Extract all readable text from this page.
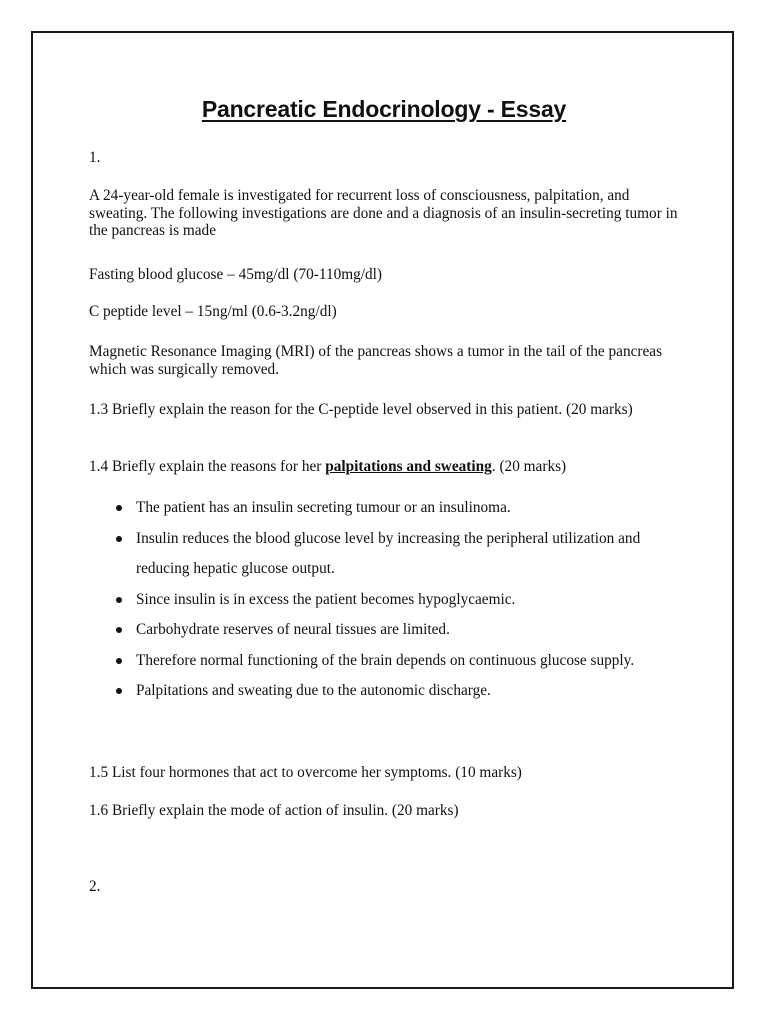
Pancreatic Endocrinology - Essay

1.

A 24-year-old female is investigated for recurrent loss of consciousness, palpitation, and sweating. The following investigations are done and a diagnosis of an insulin-secreting tumor in the pancreas is made

Fasting blood glucose – 45mg/dl (70-110mg/dl)

C peptide level – 15ng/ml (0.6-3.2ng/dl)

Magnetic Resonance Imaging (MRI) of the pancreas shows a tumor in the tail of the pancreas which was surgically removed.

1.3 Briefly explain the reason for the C-peptide level observed in this patient. (20 marks)

1.4 Briefly explain the reasons for her palpitations and sweating. (20 marks)

The patient has an insulin secreting tumour or an insulinoma.
Insulin reduces the blood glucose level by increasing the peripheral utilization and reducing hepatic glucose output.
Since insulin is in excess the patient becomes hypoglycaemic.
Carbohydrate reserves of neural tissues are limited.
Therefore normal functioning of the brain depends on continuous glucose supply.
Palpitations and sweating due to the autonomic discharge.

1.5 List four hormones that act to overcome her symptoms. (10 marks)

1.6 Briefly explain the mode of action of insulin. (20 marks)

2.
